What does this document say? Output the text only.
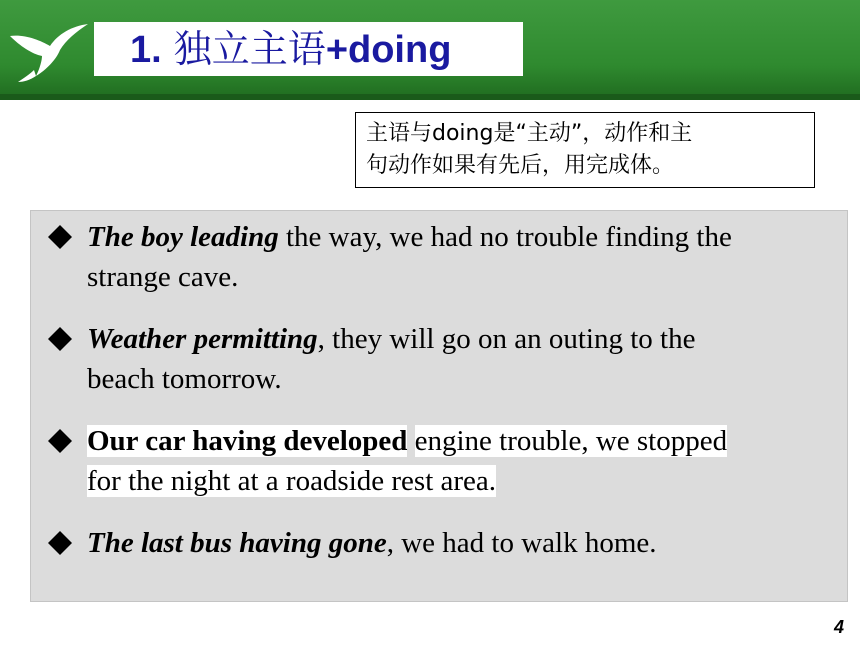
1. 独立主语+doing
主语与doing是“主动”，动作和主
句动作如果有先后，用完成体。
The boy leading the way, we had no trouble finding the
strange cave.
Weather permitting, they will go on an outing to the
beach tomorrow.
Our car having developed engine trouble, we stopped
for the night at a roadside rest area.
The last bus having gone, we had to walk home.
4
